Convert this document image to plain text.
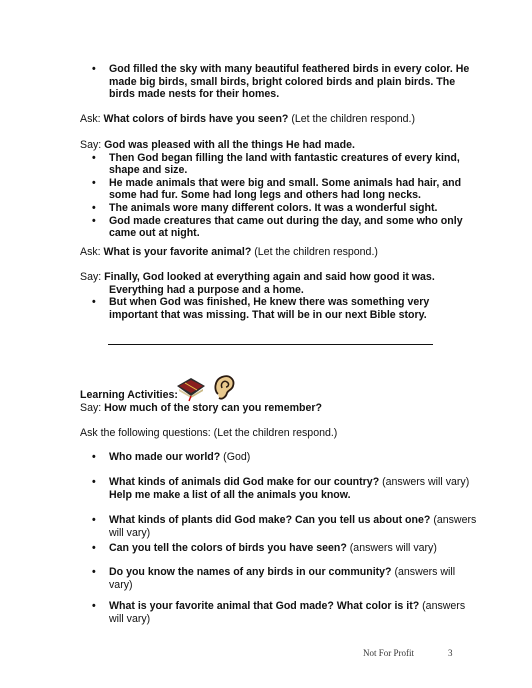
• God filled the sky with many beautiful feathered birds in every color. He made big birds, small birds, bright colored birds and plain birds. The birds made nests for their homes.
Ask: What colors of birds have you seen? (Let the children respond.)
Say: God was pleased with all the things He had made.
• Then God began filling the land with fantastic creatures of every kind, shape and size.
• He made animals that were big and small. Some animals had hair, and some had fur. Some had long legs and others had long necks.
• The animals wore many different colors. It was a wonderful sight.
• God made creatures that came out during the day, and some who only came out at night.
Ask: What is your favorite animal? (Let the children respond.)
Say: Finally, God looked at everything again and said how good it was.
Everything had a purpose and a home.
• But when God was finished, He knew there was something very important that was missing. That will be in our next Bible story.
Learning Activities:
Say: How much of the story can you remember?
Ask the following questions: (Let the children respond.)
• Who made our world? (God)
• What kinds of animals did God make for our country? (answers will vary) Help me make a list of all the animals you know.
• What kinds of plants did God make? Can you tell us about one? (answers will vary)
• Can you tell the colors of birds you have seen? (answers will vary)
• Do you know the names of any birds in our community? (answers will vary)
• What is your favorite animal that God made? What color is it? (answers will vary)
Not For Profit	3
